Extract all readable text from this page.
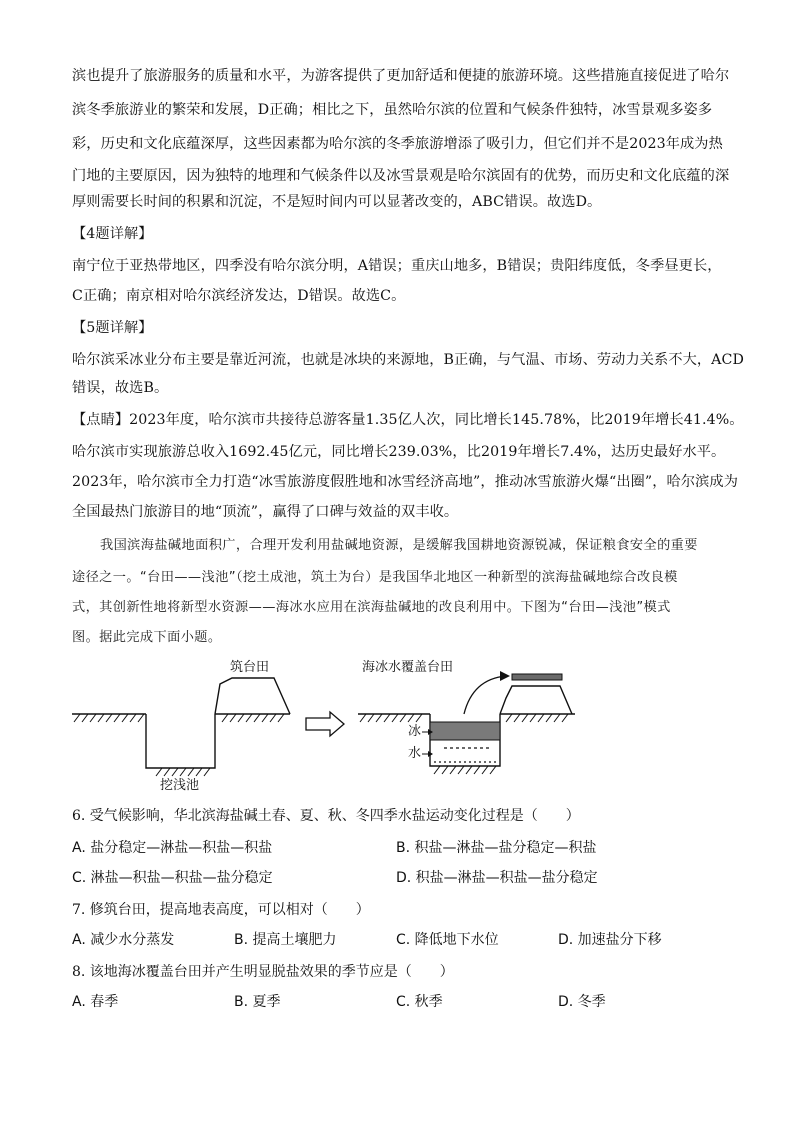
滨也提升了旅游服务的质量和水平，为游客提供了更加舒适和便捷的旅游环境。这些措施直接促进了哈尔
滨冬季旅游业的繁荣和发展，D正确；相比之下，虽然哈尔滨的位置和气候条件独特，冰雪景观多姿多
彩，历史和文化底蕴深厚，这些因素都为哈尔滨的冬季旅游增添了吸引力，但它们并不是2023年成为热
门地的主要原因，因为独特的地理和气候条件以及冰雪景观是哈尔滨固有的优势，而历史和文化底蕴的深
厚则需要长时间的积累和沉淀，不是短时间内可以显著改变的，ABC错误。故选D。
【4题详解】
南宁位于亚热带地区，四季没有哈尔滨分明，A错误；重庆山地多，B错误；贵阳纬度低，冬季昼更长，
C正确；南京相对哈尔滨经济发达，D错误。故选C。
【5题详解】
哈尔滨采冰业分布主要是靠近河流，也就是冰块的来源地，B正确，与气温、市场、劳动力关系不大，ACD
错误，故选B。
【点睛】2023年度，哈尔滨市共接待总游客量1.35亿人次，同比增长145.78%，比2019年增长41.4%。
哈尔滨市实现旅游总收入1692.45亿元，同比增长239.03%，比2019年增长7.4%，达历史最好水平。
2023年，哈尔滨市全力打造“冰雪旅游度假胜地和冰雪经济高地”，推动冰雪旅游火爆“出圈”，哈尔滨成为
全国最热门旅游目的地“顶流”，赢得了口碑与效益的双丰收。
我国滨海盐碱地面积广，合理开发利用盐碱地资源，是缓解我国耕地资源锐减，保证粮食安全的重要
途径之一。“台田——浅池”（挖土成池，筑土为台）是我国华北地区一种新型的滨海盐碱地综合改良模
式，其创新性地将新型水资源——海冰水应用在滨海盐碱地的改良利用中。下图为“台田—浅池”模式
图。据此完成下面小题。
筑台田
挖浅池
海冰水覆盖台田
冰
水
6. 受气候影响，华北滨海盐碱土春、夏、秋、冬四季水盐运动变化过程是（　　）
A. 盐分稳定—淋盐—积盐—积盐	B. 积盐—淋盐—盐分稳定—积盐
C. 淋盐—积盐—积盐—盐分稳定	D. 积盐—淋盐—积盐—盐分稳定
7. 修筑台田，提高地表高度，可以相对（　　）
A. 减少水分蒸发	B. 提高土壤肥力	C. 降低地下水位	D. 加速盐分下移
8. 该地海冰覆盖台田并产生明显脱盐效果的季节应是（　　）
A. 春季	B. 夏季	C. 秋季	D. 冬季
